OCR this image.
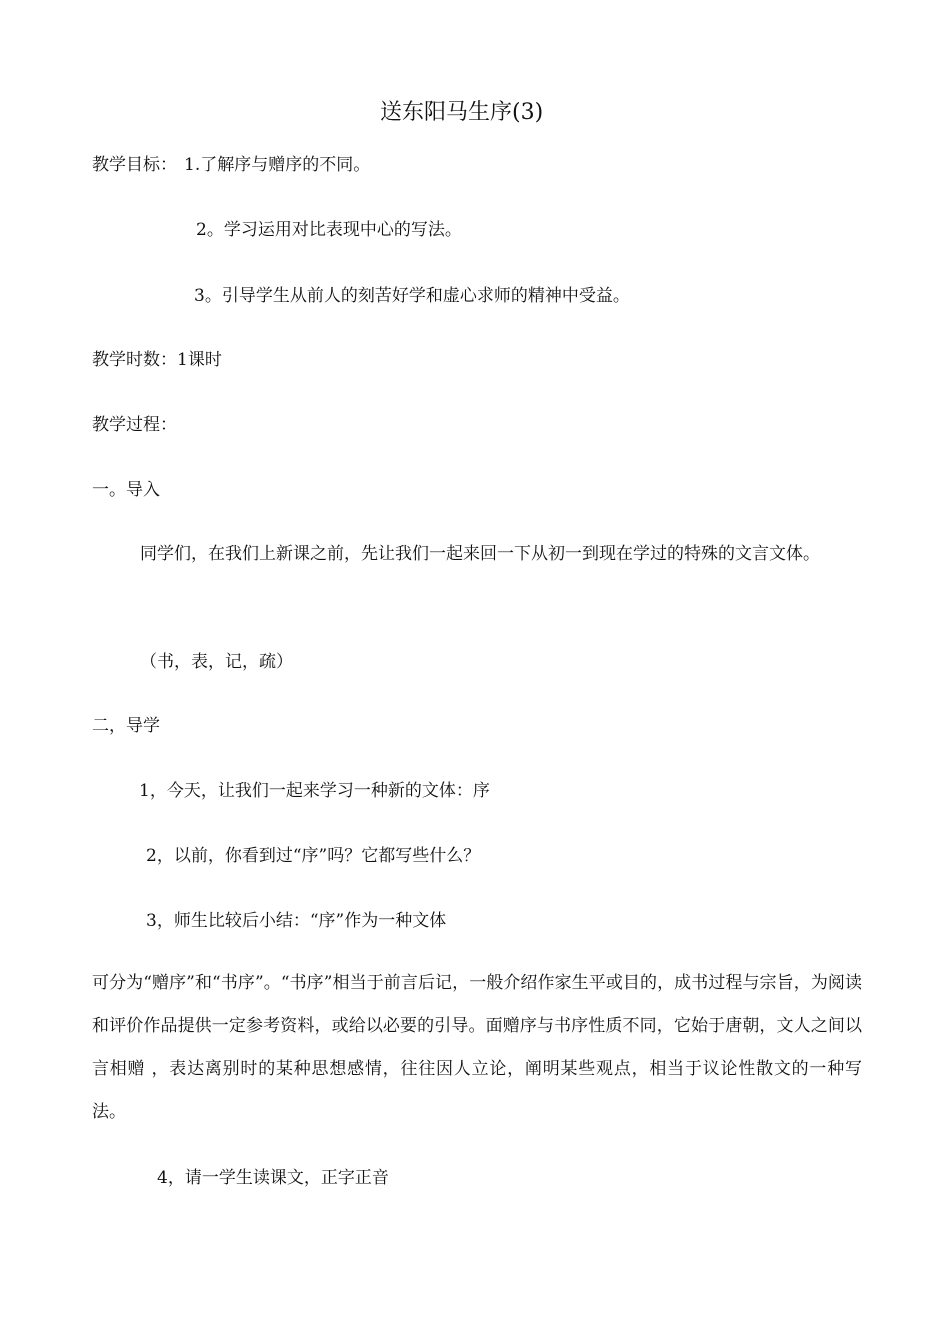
送东阳马生序(3)
教学目标： 1.了解序与赠序的不同。
2。学习运用对比表现中心的写法。
3。引导学生从前人的刻苦好学和虚心求师的精神中受益。
教学时数：1课时
教学过程：
一。导入
同学们，在我们上新课之前，先让我们一起来回一下从初一到现在学过的特殊的文言文体。
（书，表，记，疏）
二，导学
1，今天，让我们一起来学习一种新的文体：序
2，以前，你看到过“序”吗？它都写些什么？
3，师生比较后小结：“序”作为一种文体
可分为“赠序”和“书序”。“书序”相当于前言后记，一般介绍作家生平或目的，成书过程与宗旨，为阅读和评价作品提供一定参考资料，或给以必要的引导。面赠序与书序性质不同，它始于唐朝，文人之间以言相赠 ，表达离别时的某种思想感情，往往因人立论，阐明某些观点，相当于议论性散文的一种写法。
4，请一学生读课文，正字正音
